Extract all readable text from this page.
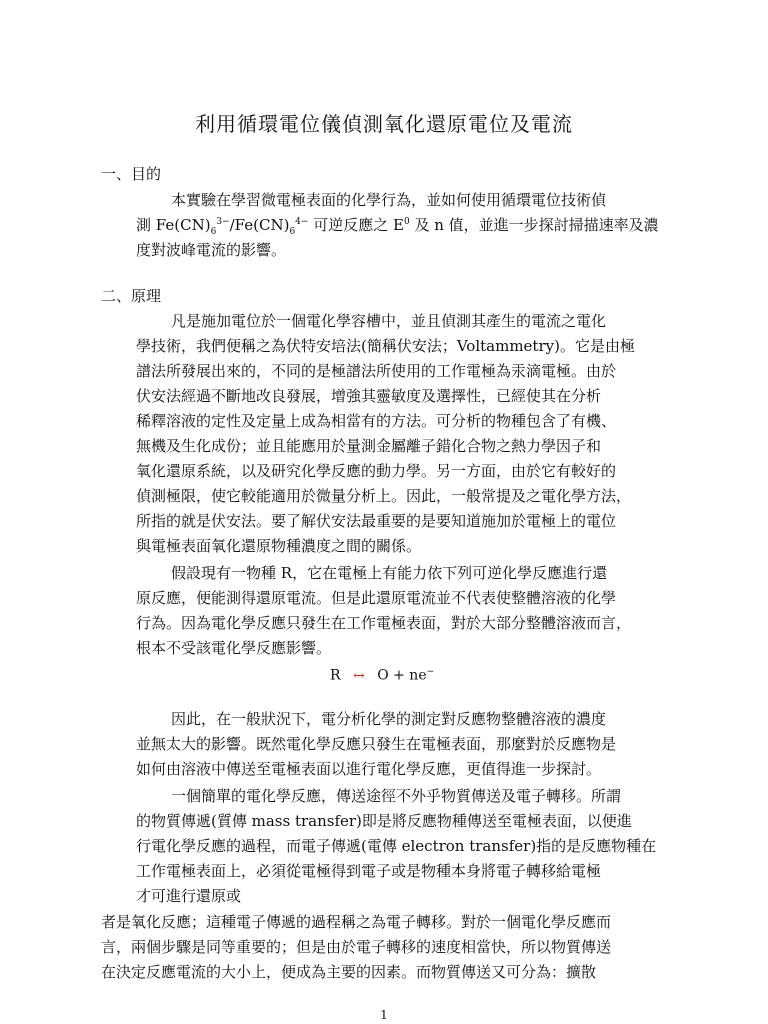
利用循環電位儀偵測氧化還原電位及電流
一、目的
本實驗在學習微電極表面的化學行為，並如何使用循環電位技術偵
測 $Fe(CN)_6^{3-}/Fe(CN)_6^{4-}$ 可逆反應之 $E^0$ 及 n 值，並進一步探討掃描速率及濃
度對波峰電流的影響。
二、原理
凡是施加電位於一個電化學容槽中，並且偵測其產生的電流之電化
學技術，我們便稱之為伏特安培法(簡稱伏安法；Voltammetry)。它是由極
譜法所發展出來的，不同的是極譜法所使用的工作電極為汞滴電極。由於
伏安法經過不斷地改良發展，增強其靈敏度及選擇性，已經使其在分析
稀釋溶液的定性及定量上成為相當有的方法。可分析的物種包含了有機、
無機及生化成份；並且能應用於量測金屬離子錯化合物之熱力學因子和
氧化還原系統，以及研究化學反應的動力學。另一方面，由於它有較好的
偵測極限，使它較能適用於微量分析上。因此，一般常提及之電化學方法，
所指的就是伏安法。要了解伏安法最重要的是要知道施加於電極上的電位
與電極表面氧化還原物種濃度之間的關係。
假設現有一物種 R，它在電極上有能力依下列可逆化學反應進行還
原反應，便能測得還原電流。但是此還原電流並不代表使整體溶液的化學
行為。因為電化學反應只發生在工作電極表面，對於大部分整體溶液而言，
根本不受該電化學反應影響。
R ↔ O + ne−
因此，在一般狀況下，電分析化學的測定對反應物整體溶液的濃度
並無太大的影響。既然電化學反應只發生在電極表面，那麼對於反應物是
如何由溶液中傳送至電極表面以進行電化學反應，更值得進一步探討。
一個簡單的電化學反應，傳送途徑不外乎物質傳送及電子轉移。所謂
的物質傳遞(質傳 mass transfer)即是將反應物種傳送至電極表面，以便進
行電化學反應的過程，而電子傳遞(電傳 electron transfer)指的是反應物種在
工作電極表面上，必須從電極得到電子或是物種本身將電子轉移給電極
才可進行還原或
者是氧化反應；這種電子傳遞的過程稱之為電子轉移。對於一個電化學反應而
言，兩個步驟是同等重要的；但是由於電子轉移的速度相當快，所以物質傳送
在決定反應電流的大小上，便成為主要的因素。而物質傳送又可分為：擴散
1
